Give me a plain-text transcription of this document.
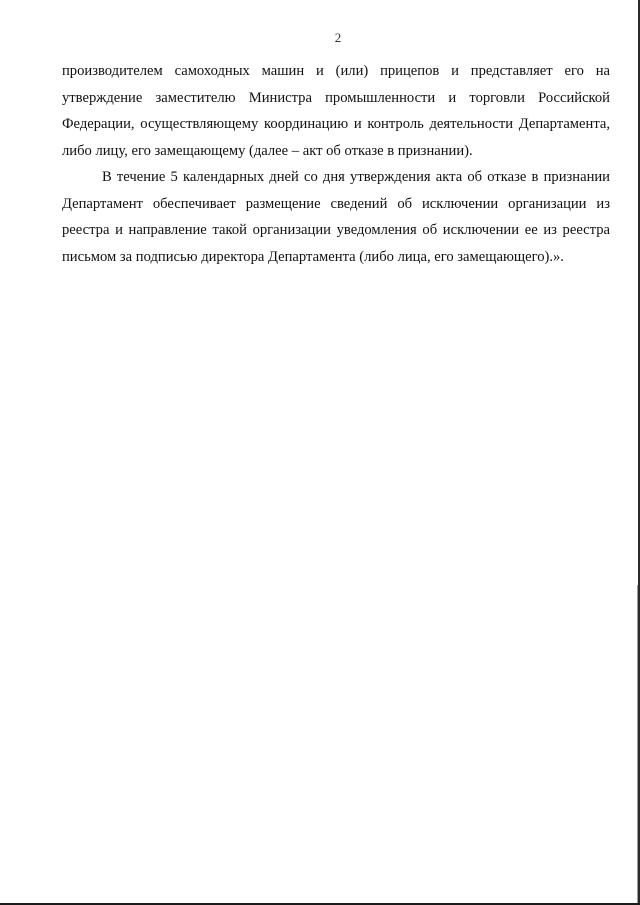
2

производителем самоходных машин и (или) прицепов и представляет его на утверждение заместителю Министра промышленности и торговли Российской Федерации, осуществляющему координацию и контроль деятельности Департамента, либо лицу, его замещающему (далее – акт об отказе в признании).

В течение 5 календарных дней со дня утверждения акта об отказе в признании Департамент обеспечивает размещение сведений об исключении организации из реестра и направление такой организации уведомления об исключении ее из реестра письмом за подписью директора Департамента (либо лица, его замещающего).».
